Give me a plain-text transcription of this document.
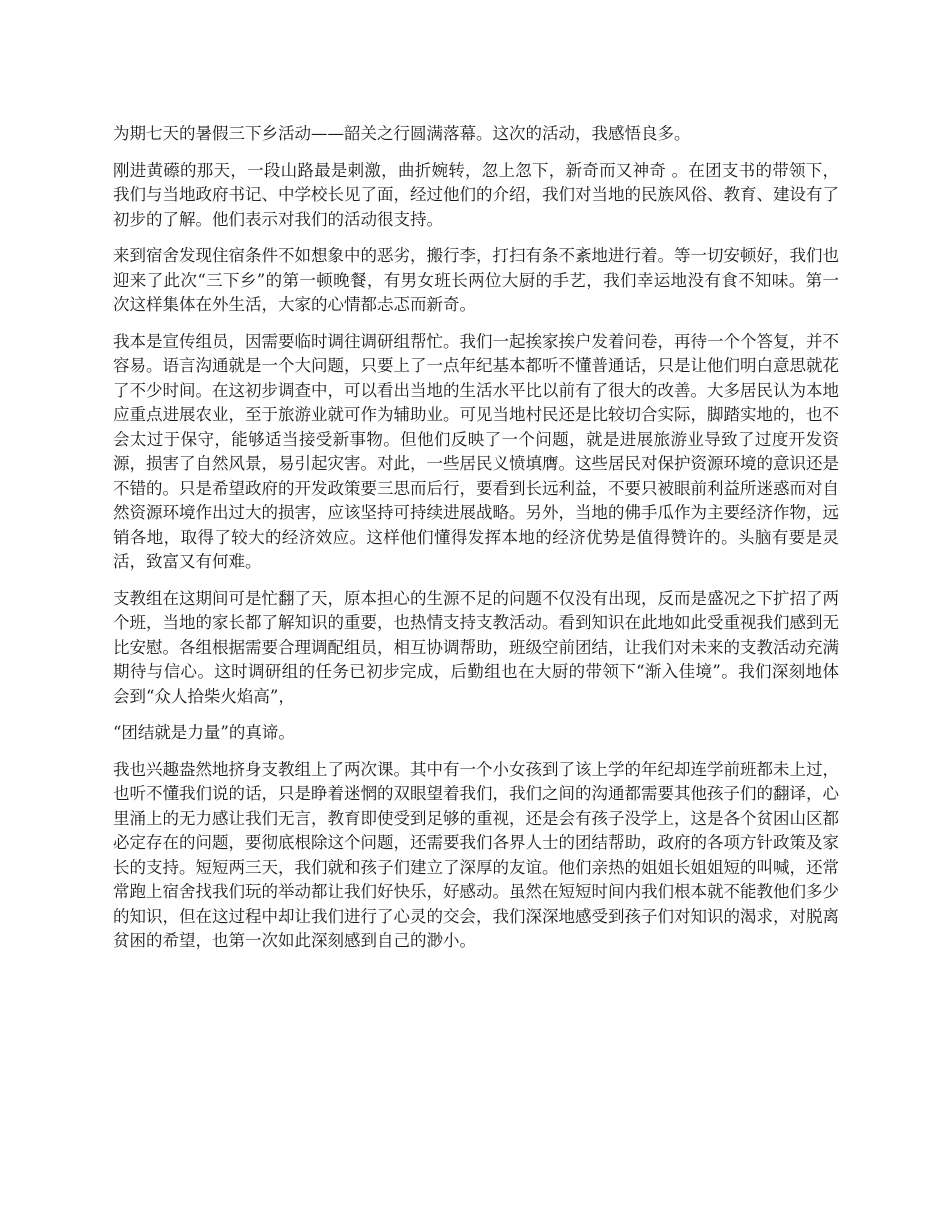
为期七天的暑假三下乡活动——韶关之行圆满落幕。这次的活动，我感悟良多。

刚进黄礤的那天，一段山路最是刺激，曲折婉转，忽上忽下，新奇而又神奇 。在团支书的带领下，我们与当地政府书记、中学校长见了面，经过他们的介绍，我们对当地的民族风俗、教育、建设有了初步的了解。他们表示对我们的活动很支持。

来到宿舍发现住宿条件不如想象中的恶劣，搬行李，打扫有条不紊地进行着。等一切安顿好，我们也迎来了此次“三下乡”的第一顿晚餐，有男女班长两位大厨的手艺，我们幸运地没有食不知味。第一次这样集体在外生活，大家的心情都忐忑而新奇。

我本是宣传组员，因需要临时调往调研组帮忙。我们一起挨家挨户发着问卷，再待一个个答复，并不容易。语言沟通就是一个大问题，只要上了一点年纪基本都听不懂普通话，只是让他们明白意思就花了不少时间。在这初步调查中，可以看出当地的生活水平比以前有了很大的改善。大多居民认为本地应重点进展农业，至于旅游业就可作为辅助业。可见当地村民还是比较切合实际，脚踏实地的，也不会太过于保守，能够适当接受新事物。但他们反映了一个问题，就是进展旅游业导致了过度开发资源，损害了自然风景，易引起灾害。对此，一些居民义愤填膺。这些居民对保护资源环境的意识还是不错的。只是希望政府的开发政策要三思而后行，要看到长远利益，不要只被眼前利益所迷惑而对自然资源环境作出过大的损害，应该坚持可持续进展战略。另外，当地的佛手瓜作为主要经济作物，远销各地，取得了较大的经济效应。这样他们懂得发挥本地的经济优势是值得赞许的。头脑有要是灵活，致富又有何难。

支教组在这期间可是忙翻了天，原本担心的生源不足的问题不仅没有出现，反而是盛况之下扩招了两个班，当地的家长都了解知识的重要，也热情支持支教活动。看到知识在此地如此受重视我们感到无比安慰。各组根据需要合理调配组员，相互协调帮助，班级空前团结，让我们对未来的支教活动充满期待与信心。这时调研组的任务已初步完成，后勤组也在大厨的带领下“渐入佳境”。我们深刻地体会到“众人拾柴火焰高”，

“团结就是力量”的真谛。

我也兴趣盎然地挤身支教组上了两次课。其中有一个小女孩到了该上学的年纪却连学前班都未上过，也听不懂我们说的话，只是睁着迷惘的双眼望着我们，我们之间的沟通都需要其他孩子们的翻译，心里涌上的无力感让我们无言，教育即使受到足够的重视，还是会有孩子没学上，这是各个贫困山区都必定存在的问题，要彻底根除这个问题，还需要我们各界人士的团结帮助，政府的各项方针政策及家长的支持。短短两三天，我们就和孩子们建立了深厚的友谊。他们亲热的姐姐长姐姐短的叫喊，还常常跑上宿舍找我们玩的举动都让我们好快乐，好感动。虽然在短短时间内我们根本就不能教他们多少的知识，但在这过程中却让我们进行了心灵的交会，我们深深地感受到孩子们对知识的渴求，对脱离贫困的希望，也第一次如此深刻感到自己的渺小。
